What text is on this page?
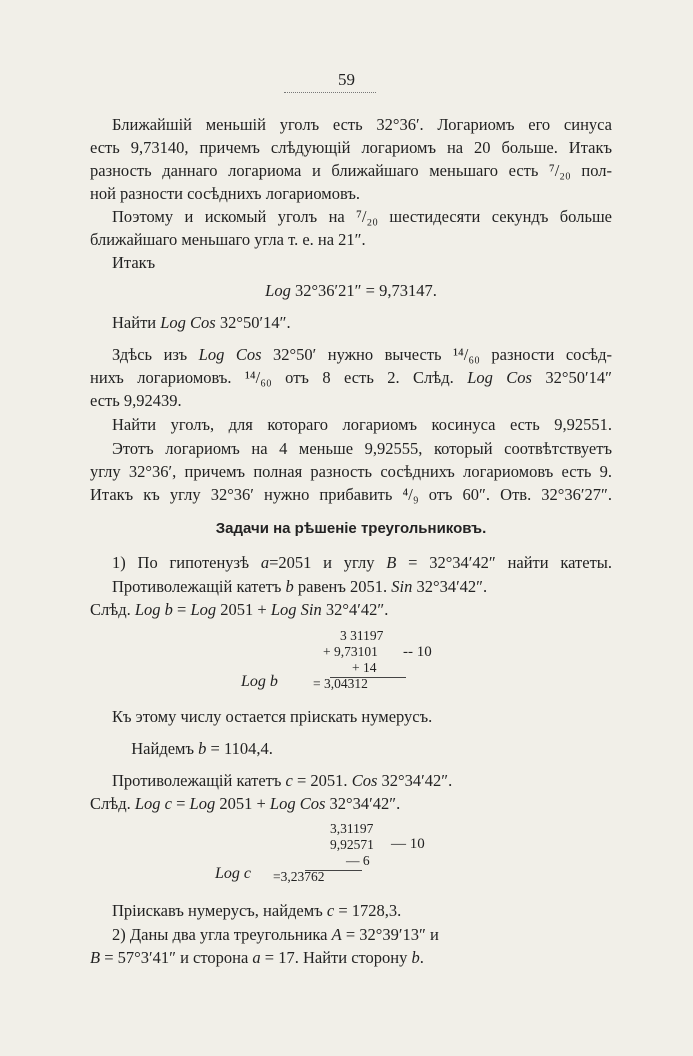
59
Ближайшій меньшій уголъ есть 32°36′. Логариомъ его синуса
есть 9,73140, причемъ слѣдующій логариомъ на 20 больше. Итакъ
разность даннаго логариома и ближайшаго меньшаго есть ⁷/₂₀ пол-
ной разности сосѣднихъ логариомовъ.
Поэтому и искомый уголъ на ⁷/₂₀ шестидесяти секундъ больше
ближайшаго меньшаго угла т. е. на 21″.
Итакъ
Log 32°36′21″ = 9,73147.
Найти Log Cos 32°50′14″.
Здѣсь изъ Log Cos 32°50′ нужно вычесть ¹⁴/₆₀ разности сосѣд-
нихъ логариомовъ. ¹⁴/₆₀ отъ 8 есть 2. Слѣд. Log Cos 32°50′14″
есть 9,92439.
Найти уголъ, для котораго логариомъ косинуса есть 9,92551.
Этотъ логариомъ на 4 меньше 9,92555, который соотвѣтствуетъ
углу 32°36′, причемъ полная разность сосѣднихъ логариомовъ есть 9.
Итакъ къ углу 32°36′ нужно прибавить ⁴/₉ отъ 60″. Отв. 32°36′27″.
Задачи на рѣшеніе треугольниковъ.
1) По гипотенузѣ a=2051 и углу B = 32°34′42″ найти катеты.
Противолежащій катетъ b равенъ 2051. Sin 32°34′42″.
Слѣд. Log b = Log 2051 + Log Sin 32°4′42″.
Къ этому числу остается пріискать нумерусъ.
Найдемъ b = 1104,4.
Противолежащій катетъ c = 2051. Cos 32°34′42″.
Слѣд. Log c = Log 2051 + Log Cos 32°34′42″.
Пріискавъ нумерусъ, найдемъ c = 1728,3.
2) Даны два угла треугольника A = 32°39′13″ и
B = 57°3′41″ и сторона a = 17. Найти сторону b.
3 31197
+ 9,73101 -- 10
+ 14
Log b	= 3,04312
3,31197
9,92571 — 10
— 6
Log c =3,23762
